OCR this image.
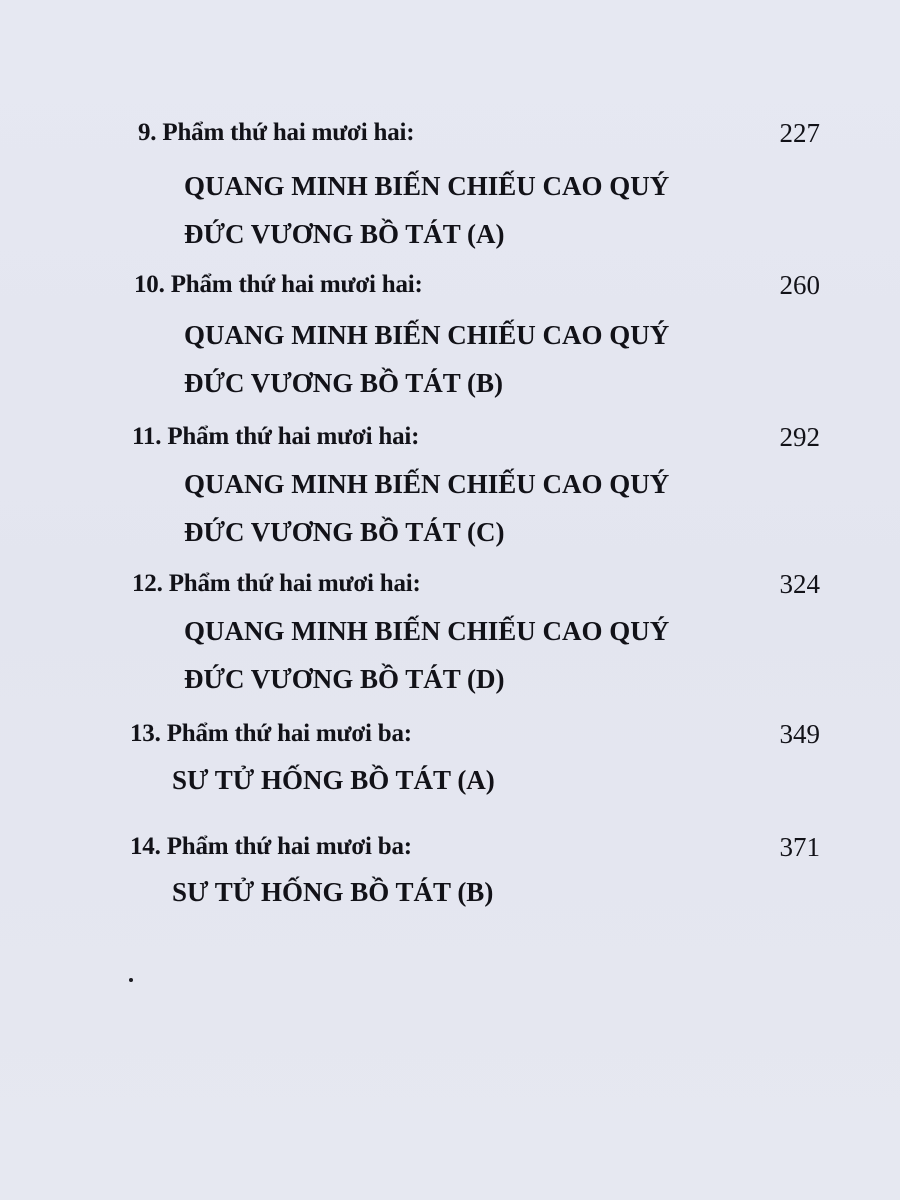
9. Phẩm thứ hai mươi hai:	227
QUANG MINH BIẾN CHIẾU CAO QUÝ
ĐỨC VƯƠNG BỒ TÁT (A)
10. Phẩm thứ hai mươi hai:	260
QUANG MINH BIẾN CHIẾU CAO QUÝ
ĐỨC VƯƠNG BỒ TÁT (B)
11. Phẩm thứ hai mươi hai:	292
QUANG MINH BIẾN CHIẾU CAO QUÝ
ĐỨC VƯƠNG BỒ TÁT (C)
12. Phẩm thứ hai mươi hai:	324
QUANG MINH BIẾN CHIẾU CAO QUÝ
ĐỨC VƯƠNG BỒ TÁT (D)
13. Phẩm thứ hai mươi ba:	349
SƯ TỬ HỐNG BỒ TÁT (A)
14. Phẩm thứ hai mươi ba:	371
SƯ TỬ HỐNG BỒ TÁT (B)
